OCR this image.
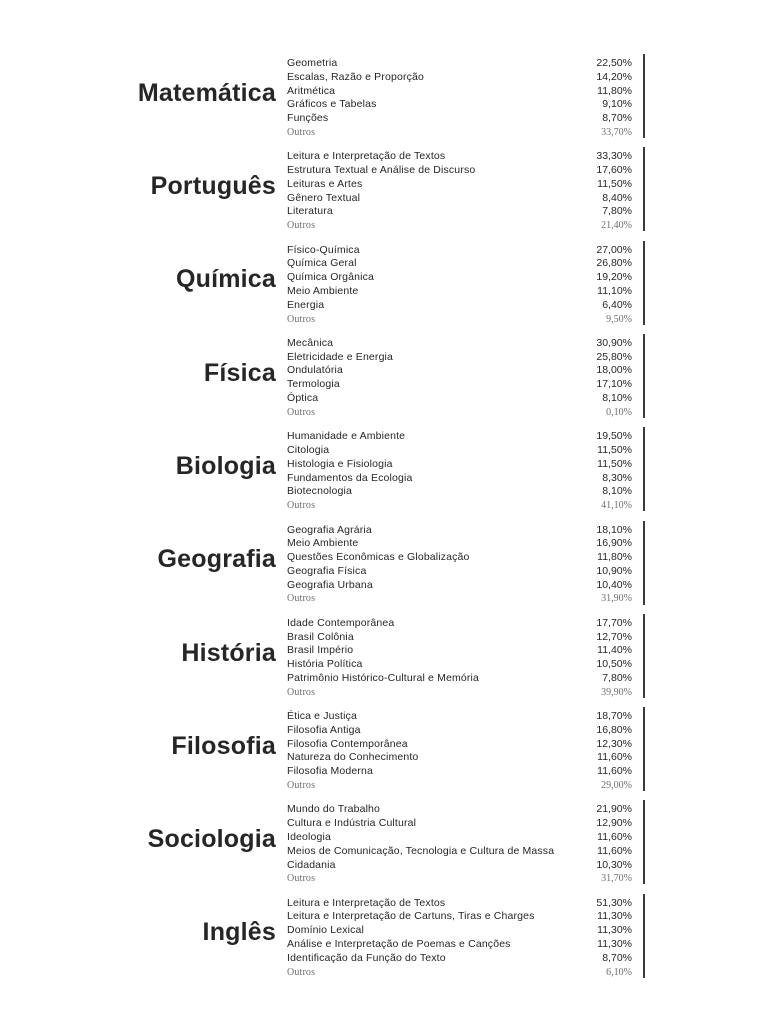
Matemática
Geometria	22,50%
Escalas, Razão e Proporção	14,20%
Aritmética	11,80%
Gráficos e Tabelas	9,10%
Funções	8,70%
Outros	33,70%
Português
Leitura e Interpretação de Textos	33,30%
Estrutura Textual e Análise de Discurso	17,60%
Leituras e Artes	11,50%
Gênero Textual	8,40%
Literatura	7,80%
Outros	21,40%
Química
Físico-Química	27,00%
Química Geral	26,80%
Química Orgânica	19,20%
Meio Ambiente	11,10%
Energia	6,40%
Outros	9,50%
Física
Mecânica	30,90%
Eletricidade e Energia	25,80%
Ondulatória	18,00%
Termologia	17,10%
Óptica	8,10%
Outros	0,10%
Biologia
Humanidade e Ambiente	19,50%
Citologia	11,50%
Histologia e Fisiologia	11,50%
Fundamentos da Ecologia	8,30%
Biotecnologia	8,10%
Outros	41,10%
Geografia
Geografia Agrária	18,10%
Meio Ambiente	16,90%
Questões Econômicas e Globalização	11,80%
Geografia Física	10,90%
Geografia Urbana	10,40%
Outros	31,90%
História
Idade Contemporânea	17,70%
Brasil Colônia	12,70%
Brasil Império	11,40%
História Política	10,50%
Patrimônio Histórico-Cultural e Memória	7,80%
Outros	39,90%
Filosofia
Ética e Justiça	18,70%
Filosofia Antiga	16,80%
Filosofia Contemporânea	12,30%
Natureza do Conhecimento	11,60%
Filosofia Moderna	11,60%
Outros	29,00%
Sociologia
Mundo do Trabalho	21,90%
Cultura e Indústria Cultural	12,90%
Ideologia	11,60%
Meios de Comunicação, Tecnologia e Cultura de Massa	11,60%
Cidadania	10,30%
Outros	31,70%
Inglês
Leitura e Interpretação de Textos	51,30%
Leitura e Interpretação de Cartuns, Tiras e Charges	11,30%
Domínio Lexical	11,30%
Análise e Interpretação de Poemas e Canções	11,30%
Identificação da Função do Texto	8,70%
Outros	6,10%
